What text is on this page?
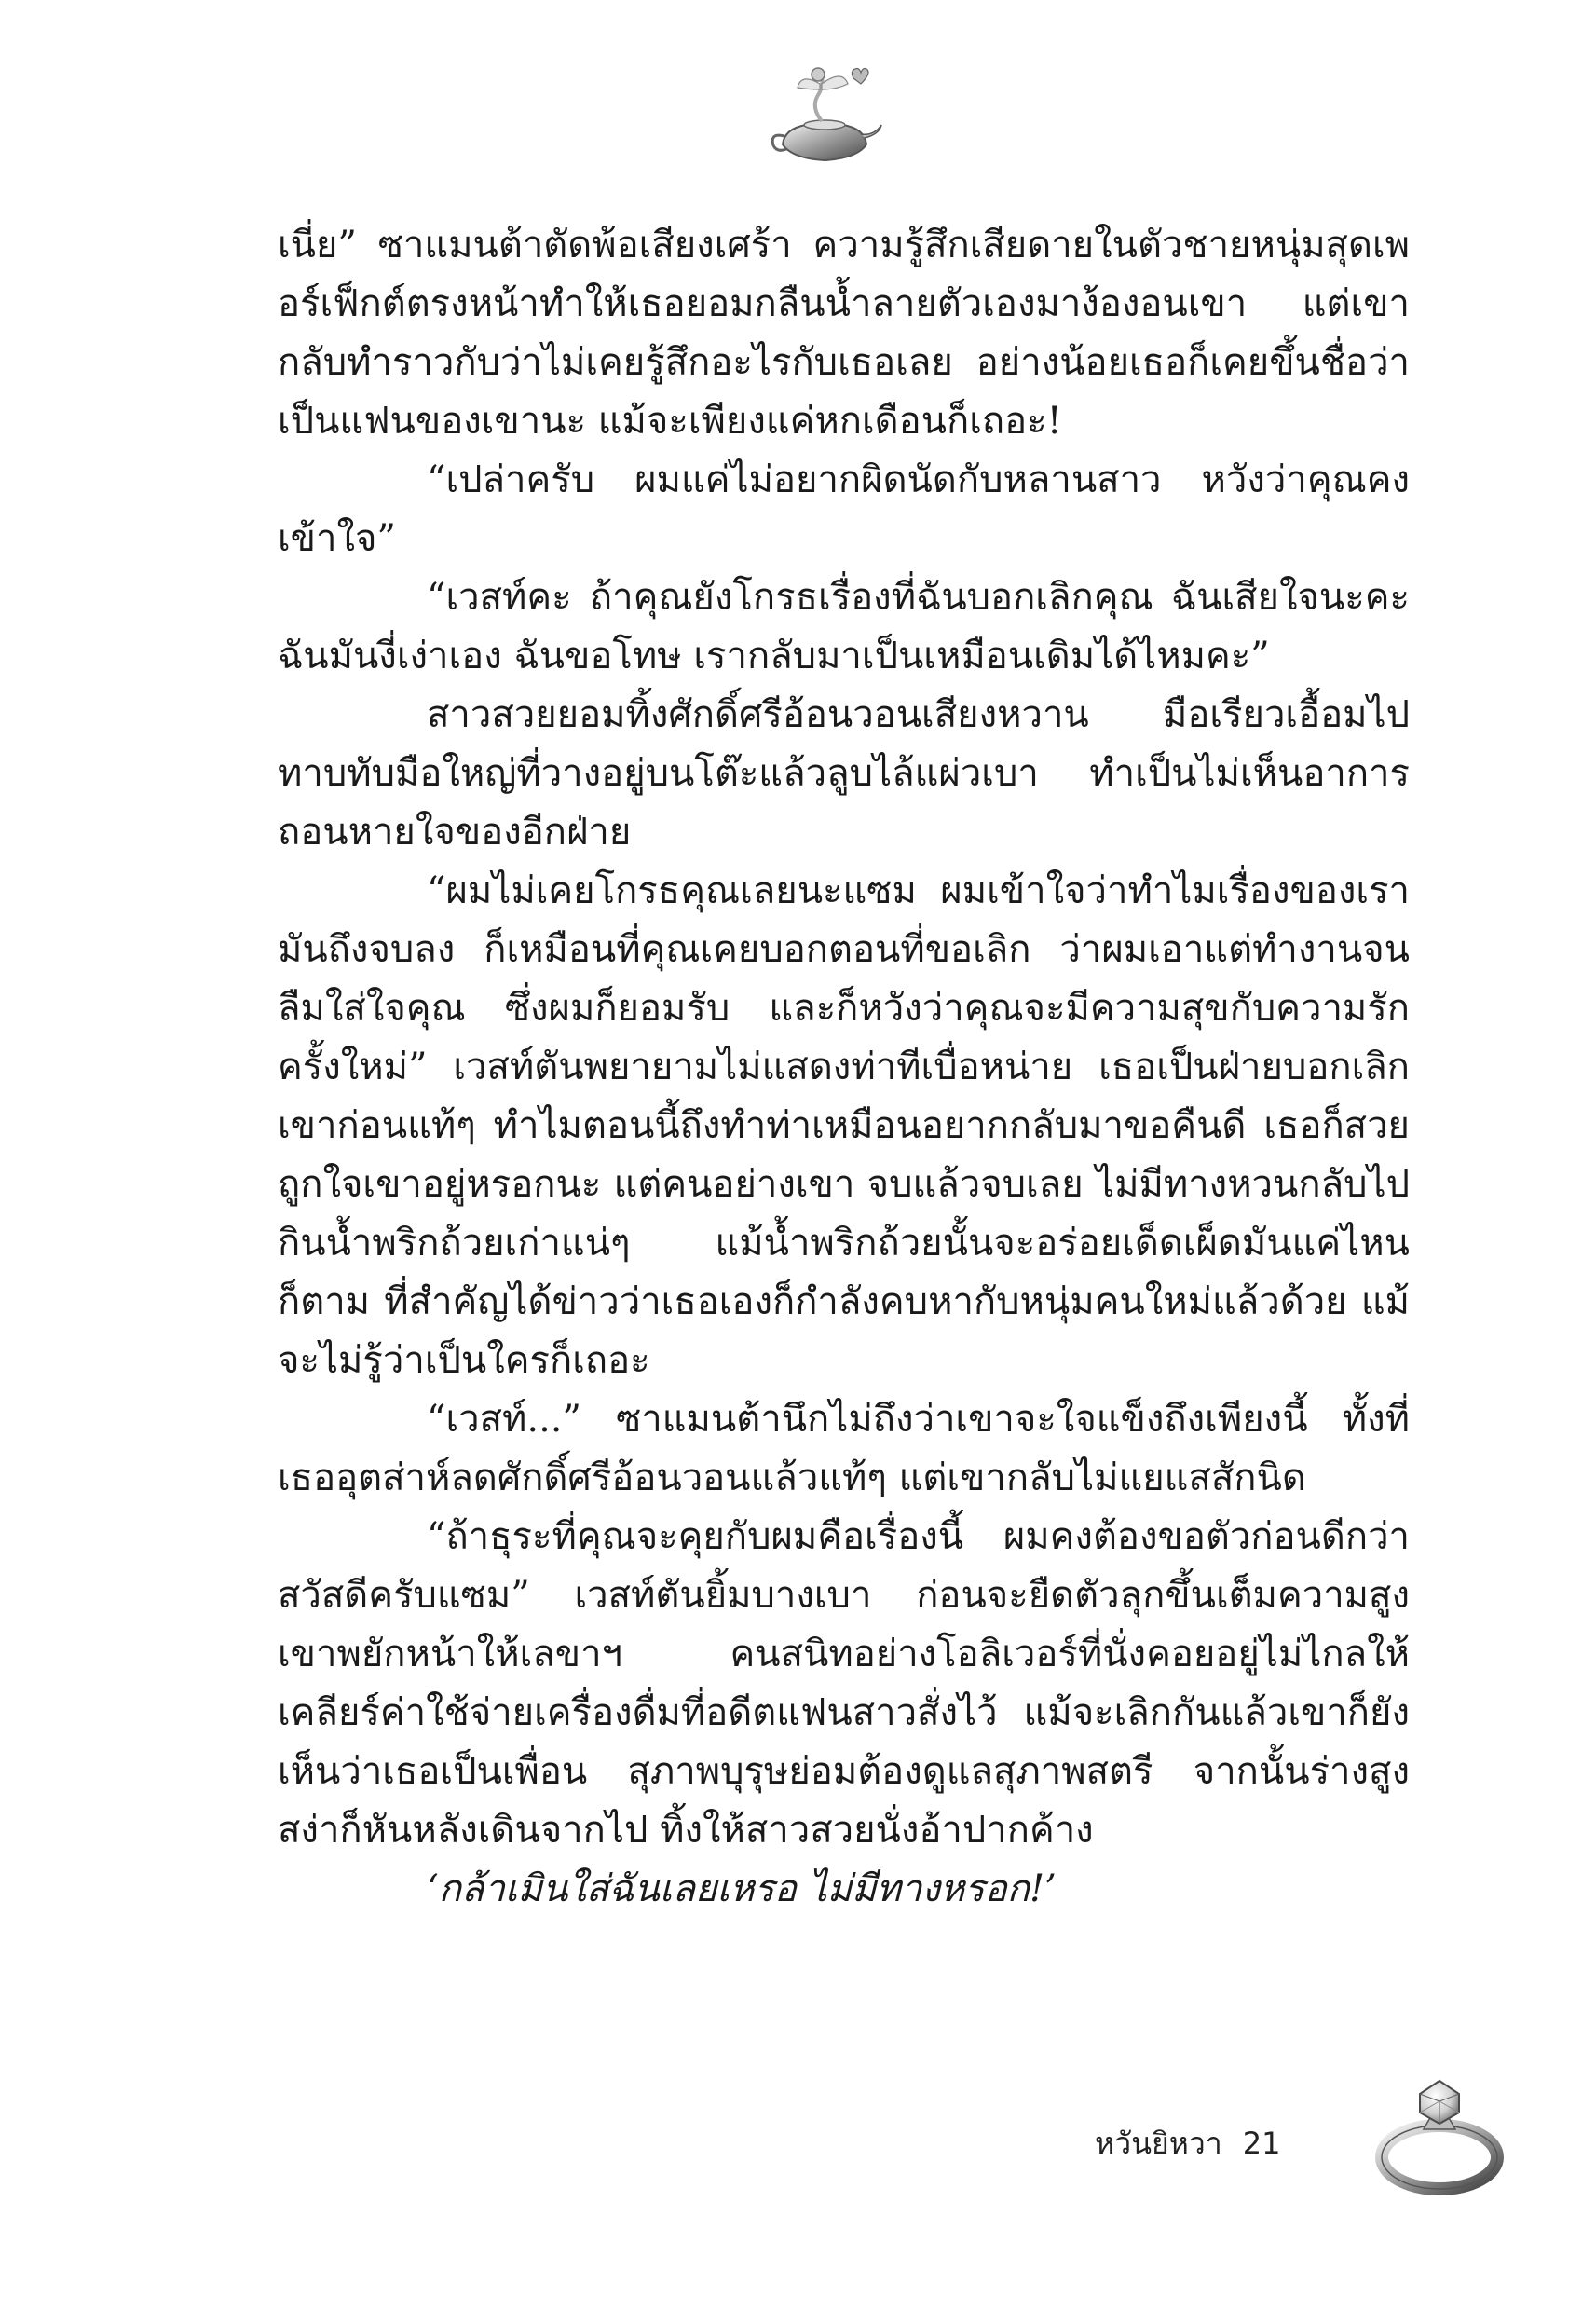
เนี่ย” ซาแมนต้าตัดพ้อเสียงเศร้า ความรู้สึกเสียดายในตัวชายหนุ่มสุดเพอร์เฟ็กต์ตรงหน้าทำให้เธอยอมกลืนน้ำลายตัวเองมาง้องอนเขา แต่เขากลับทำราวกับว่าไม่เคยรู้สึกอะไรกับเธอเลย อย่างน้อยเธอก็เคยขึ้นชื่อว่าเป็นแฟนของเขานะ แม้จะเพียงแค่หกเดือนก็เถอะ!

“เปล่าครับ ผมแค่ไม่อยากผิดนัดกับหลานสาว หวังว่าคุณคงเข้าใจ”

“เวสท์คะ ถ้าคุณยังโกรธเรื่องที่ฉันบอกเลิกคุณ ฉันเสียใจนะคะ ฉันมันงี่เง่าเอง ฉันขอโทษ เรากลับมาเป็นเหมือนเดิมได้ไหมคะ”

สาวสวยยอมทิ้งศักดิ์ศรีอ้อนวอนเสียงหวาน มือเรียวเอื้อมไปทาบทับมือใหญ่ที่วางอยู่บนโต๊ะแล้วลูบไล้แผ่วเบา ทำเป็นไม่เห็นอาการถอนหายใจของอีกฝ่าย

“ผมไม่เคยโกรธคุณเลยนะแซม ผมเข้าใจว่าทำไมเรื่องของเรามันถึงจบลง ก็เหมือนที่คุณเคยบอกตอนที่ขอเลิก ว่าผมเอาแต่ทำงานจนลืมใส่ใจคุณ ซึ่งผมก็ยอมรับ และก็หวังว่าคุณจะมีความสุขกับความรักครั้งใหม่” เวสท์ตันพยายามไม่แสดงท่าทีเบื่อหน่าย เธอเป็นฝ่ายบอกเลิกเขาก่อนแท้ๆ ทำไมตอนนี้ถึงทำท่าเหมือนอยากกลับมาขอคืนดี เธอก็สวยถูกใจเขาอยู่หรอกนะ แต่คนอย่างเขา จบแล้วจบเลย ไม่มีทางหวนกลับไปกินน้ำพริกถ้วยเก่าแน่ๆ แม้น้ำพริกถ้วยนั้นจะอร่อยเด็ดเผ็ดมันแค่ไหนก็ตาม ที่สำคัญได้ข่าวว่าเธอเองก็กำลังคบหากับหนุ่มคนใหม่แล้วด้วย แม้จะไม่รู้ว่าเป็นใครก็เถอะ

“เวสท์...” ซาแมนต้านึกไม่ถึงว่าเขาจะใจแข็งถึงเพียงนี้ ทั้งที่เธออุตส่าห์ลดศักดิ์ศรีอ้อนวอนแล้วแท้ๆ แต่เขากลับไม่แยแสสักนิด

“ถ้าธุระที่คุณจะคุยกับผมคือเรื่องนี้ ผมคงต้องขอตัวก่อนดีกว่า สวัสดีครับแซม” เวสท์ตันยิ้มบางเบา ก่อนจะยืดตัวลุกขึ้นเต็มความสูง เขาพยักหน้าให้เลขาฯ คนสนิทอย่างโอลิเวอร์ที่นั่งคอยอยู่ไม่ไกลให้เคลียร์ค่าใช้จ่ายเครื่องดื่มที่อดีตแฟนสาวสั่งไว้ แม้จะเลิกกันแล้วเขาก็ยังเห็นว่าเธอเป็นเพื่อน สุภาพบุรุษย่อมต้องดูแลสุภาพสตรี จากนั้นร่างสูงสง่าก็หันหลังเดินจากไป ทิ้งให้สาวสวยนั่งอ้าปากค้าง

‘กล้าเมินใส่ฉันเลยเหรอ ไม่มีทางหรอก!’

หวันยิหวา 21
